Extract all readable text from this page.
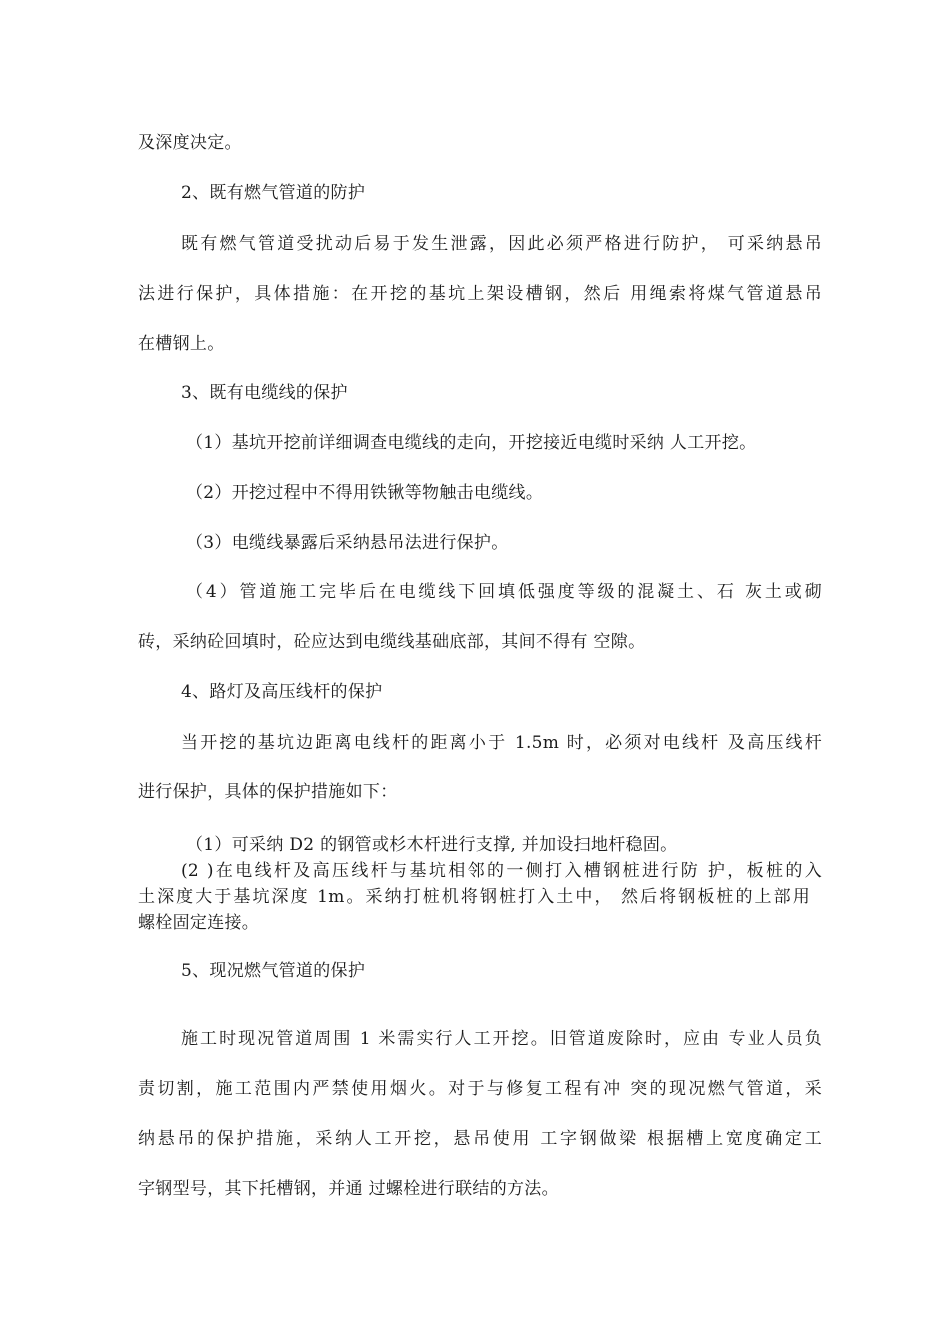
及深度决定。
2、既有燃气管道的防护
既有燃气管道受扰动后易于发生泄露，因此必须严格进行防护， 可采纳悬吊
法进行保护，具体措施：在开挖的基坑上架设槽钢，然后 用绳索将煤气管道悬吊
在槽钢上。
3、既有电缆线的保护
（1）基坑开挖前详细调查电缆线的走向，开挖接近电缆时采纳 人工开挖。
（2）开挖过程中不得用铁锹等物触击电缆线。
（3）电缆线暴露后采纳悬吊法进行保护。
（4）管道施工完毕后在电缆线下回填低强度等级的混凝土、石 灰土或砌
砖，采纳砼回填时，砼应达到电缆线基础底部，其间不得有 空隙。
4、路灯及高压线杆的保护
当开挖的基坑边距离电线杆的距离小于 1.5m 时，必须对电线杆 及高压线杆
进行保护，具体的保护措施如下：
（1）可采纳 D2 的钢管或杉木杆进行支撑, 并加设扫地杆稳固。
(2 )在电线杆及高压线杆与基坑相邻的一侧打入槽钢桩进行防 护，板桩的入
土深度大于基坑深度 1m。采纳打桩机将钢桩打入土中， 然后将钢板桩的上部用
螺栓固定连接。
5、现况燃气管道的保护
施工时现况管道周围 1 米需实行人工开挖。旧管道废除时，应由 专业人员负
责切割，施工范围内严禁使用烟火。对于与修复工程有冲 突的现况燃气管道，采
纳悬吊的保护措施，采纳人工开挖，悬吊使用 工字钢做梁 根据槽上宽度确定工
字钢型号，其下托槽钢，并通 过螺栓进行联结的方法。
